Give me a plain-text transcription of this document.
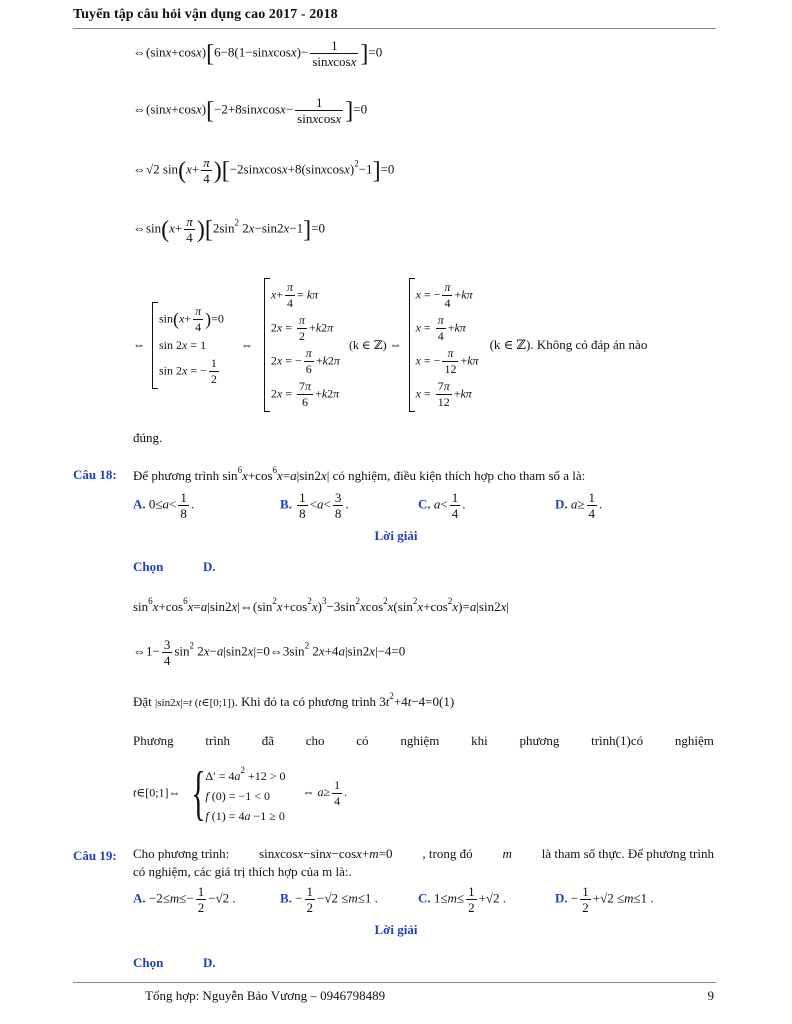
Tuyển tập câu hỏi vận dụng cao 2017 - 2018
⇔(sinx+cosx)[6−8(1−sinxcosx)− $\frac{1}{\text{sinxcosx}} ]=0$
⇔(sinx+cosx)[−2+8sinxcosx− $\frac{1}{\text{sinxcosx}} ]=0$
⇔√2 $\sin(x+ \frac{\pi}{4}$ )[−2sinxcosx+8(sinxcosx)$^2$−1]=0
⇔sin(x+ $\frac{\pi}{4} )[2\sin^2$ 2x−sin2x−1]=0
⇔
$\sin(x+ \frac{\pi}{4} )=0$
sin 2x = 1
sin 2x = − $\frac{1}{2}$
⇔
$x+ \frac{\pi}{4} = k\pi$
$2x = \frac{\pi}{2} +k2\pi$
2x = − $\frac{\pi}{6} +k2\pi$
$2x = \frac{7\pi}{6} +k2\pi$
(k ∈ ℤ) ⇔
x = − $\frac{\pi}{4} +k\pi$
$x = \frac{\pi}{4} +k\pi$
x = − $\frac{\pi}{12} +k\pi$
$x = \frac{7\pi}{12} +k\pi$
(k ∈ ℤ). Không có đáp án nào
đúng.
Câu 18: Để phương trình $\sin^6x+\cos^6x=a|\sin 2x|$ có nghiệm, điều kiện thích hợp cho tham số a là:
A. $0\le a< \frac{1}{8}$ .	B. $\frac{1}{8} <a< \frac{3}{8}$ .	C. $a< \frac{1}{4}$ .	D. $a\ge \frac{1}{4}$ .
Lời giải
Chọn	D.
$\sin^6x+\cos^6x=a|\sin 2x|\Leftrightarrow(\sin^2x+\cos^2x)^3-3\sin^2xcos^2x(\sin^2x+\cos^2x)=a|\sin 2x|$
⇔1− $\frac{3}{4} \sin^2$ $2x-a|\sin 2x|=0\Leftrightarrow 3\sin^2$ 2x+4a|sin2x|−4=0
Đặt |sin2x|=t (t∈[0;1]). Khi đó ta có phương trình $3t^2+4t-4=0(1)$
Phương trình đã cho có nghiệm khi phương trình(1)có nghiệm
t∈[0;1]⇔ { $\Delta' = 4a^2 +12 > 0$
f (0) = −1 < 0
f (1) = 4a −1 ≥ 0
⇔ $a\ge \frac{1}{4}$ .
Câu 19: Cho phương trình: sinxcosx−sinx−cosx+m=0 , trong đó m là tham số thực. Để phương trình
có nghiệm, các giá trị thích hợp của m là:.
A. $-2\le m\le- \frac{1}{2} -√2$ .	B. − $\frac{1}{2} -√2 \le m\le 1$ .	C. $1\le m\le \frac{1}{2} +√2$ .	D. − $\frac{1}{2} +√2 \le m\le 1$ .
Lời giải
Chọn	D.
Tổng hợp: Nguyễn Bảo Vương – 0946798489	9
